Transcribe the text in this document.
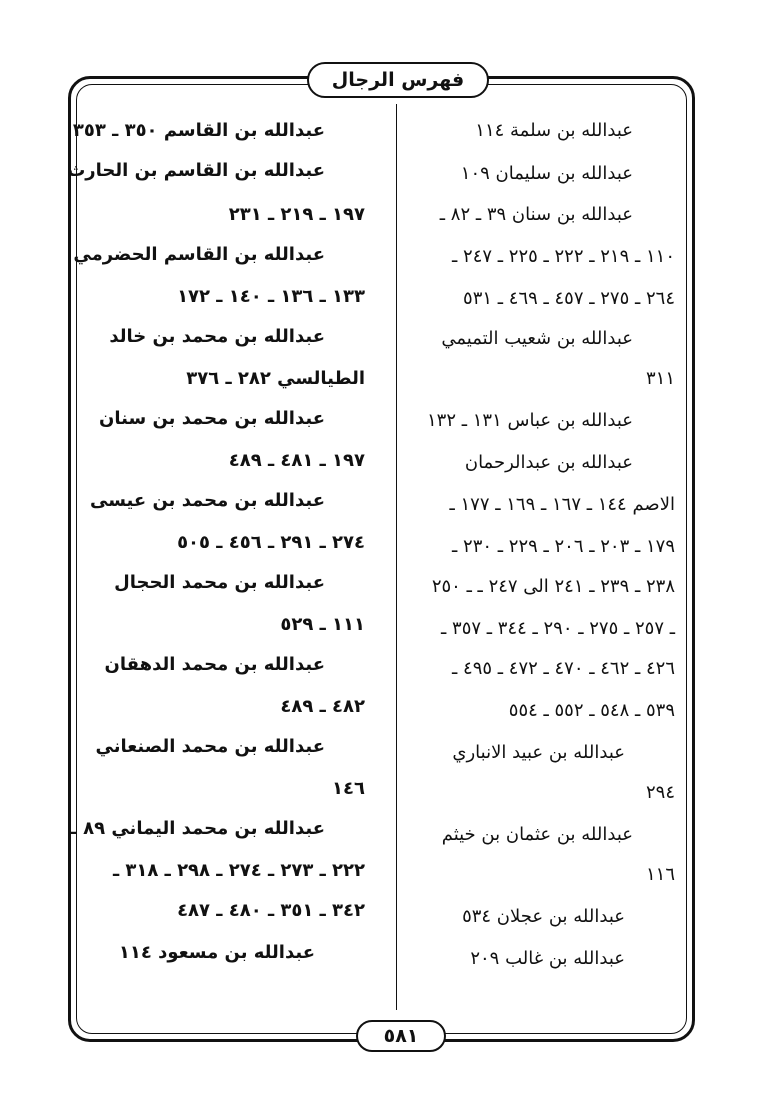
فهرس الرجال
عبدالله بن سلمة ١١٤
عبدالله بن سليمان ١٠٩
عبدالله بن سنان ٣٩ ـ ٨٢ ـ
١١٠ ـ ٢١٩ ـ ٢٢٢ ـ ٢٢٥ ـ ٢٤٧ ـ
٢٦٤ ـ ٢٧٥ ـ ٤٥٧ ـ ٤٦٩ ـ ٥٣١
عبدالله بن شعيب التميمي
٣١١
عبدالله بن عباس ١٣١ ـ ١٣٢
عبدالله بن عبدالرحمان
الاصم ١٤٤ ـ ١٦٧ ـ ١٦٩ ـ ١٧٧ ـ
١٧٩ ـ ٢٠٣ ـ ٢٠٦ ـ ٢٢٩ ـ ٢٣٠ ـ
٢٣٨ ـ ٢٣٩ ـ ٢٤١ الى ٢٤٧ ـ ـ ٢٥٠
ـ ٢٥٧ ـ ٢٧٥ ـ ٢٩٠ ـ ٣٤٤ ـ ٣٥٧ ـ
٤٢٦ ـ ٤٦٢ ـ ٤٧٠ ـ ٤٧٢ ـ ٤٩٥ ـ
٥٣٩ ـ ٥٤٨ ـ ٥٥٢ ـ ٥٥٤
عبدالله بن عبيد الانباري
٢٩٤
عبدالله بن عثمان بن خيثم
١١٦
عبدالله بن عجلان ٥٣٤
عبدالله بن غالب ٢٠٩
عبدالله بن القاسم ٣٥٠ ـ ٣٥٣
عبدالله بن القاسم بن الحارث
١٩٧ ـ ٢١٩ ـ ٢٣١
عبدالله بن القاسم الحضرمي
١٣٣ ـ ١٣٦ ـ ١٤٠ ـ ١٧٢
عبدالله بن محمد بن خالد
الطيالسي ٢٨٢ ـ ٣٧٦
عبدالله بن محمد بن سنان
١٩٧ ـ ٤٨١ ـ ٤٨٩
عبدالله بن محمد بن عيسى
٢٧٤ ـ ٢٩١ ـ ٤٥٦ ـ ٥٠٥
عبدالله بن محمد الحجال
١١١ ـ ٥٢٩
عبدالله بن محمد الدهقان
٤٨٢ ـ ٤٨٩
عبدالله بن محمد الصنعاني
١٤٦
عبدالله بن محمد اليماني ٨٩ ـ
٢٢٢ ـ ٢٧٣ ـ ٢٧٤ ـ ٢٩٨ ـ ٣١٨ ـ
٣٤٢ ـ ٣٥١ ـ ٤٨٠ ـ ٤٨٧
عبدالله بن مسعود ١١٤
٥٨١
